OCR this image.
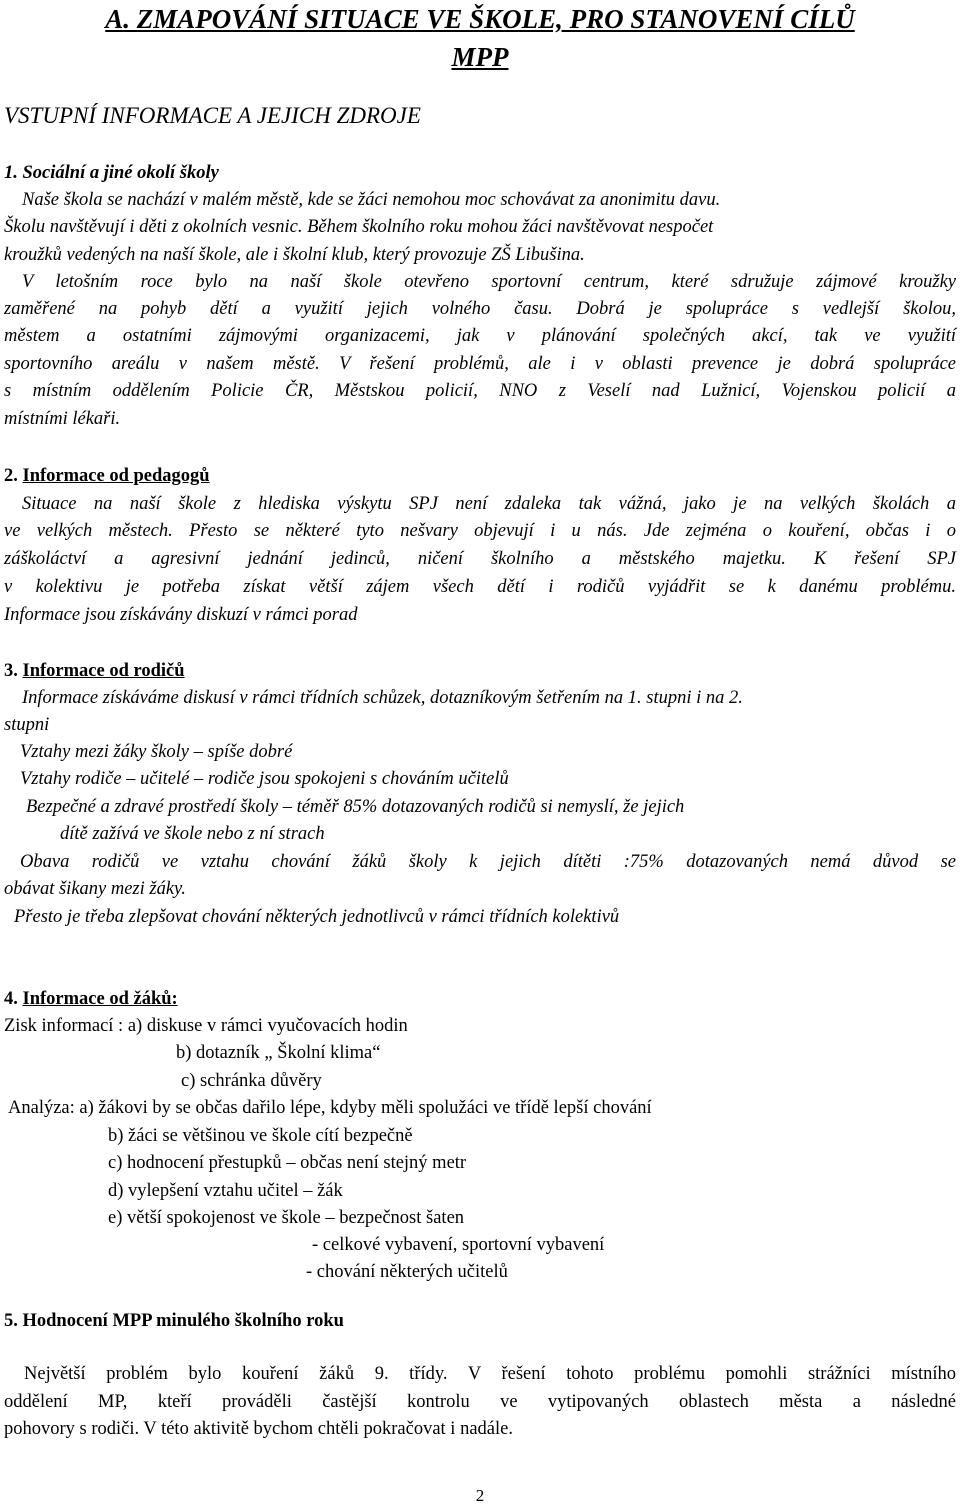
A. ZMAPOVÁNÍ SITUACE VE ŠKOLE, PRO STANOVENÍ CÍLŮ
MPP
VSTUPNÍ INFORMACE A JEJICH ZDROJE
1. Sociální a jiné okolí školy
Naše škola se nachází v malém městě, kde se žáci nemohou moc schovávat za anonimitu davu.
Školu navštěvují i děti z okolních vesnic. Během školního roku mohou žáci navštěvovat nespočet
kroužků vedených na naší škole, ale i školní klub, který provozuje ZŠ Libušina.
V letošním roce bylo na naší škole otevřeno sportovní centrum, které sdružuje zájmové kroužky
zaměřené na pohyb dětí a využití jejich volného času. Dobrá je spolupráce s vedlejší školou,
městem a ostatními zájmovými organizacemi, jak v plánování společných akcí, tak ve využití
sportovního areálu v našem městě. V řešení problémů, ale i v oblasti prevence je dobrá spolupráce
s místním oddělením Policie ČR, Městskou policií, NNO z Veselí nad Lužnicí, Vojenskou policií a
místními lékaři.
2. Informace od pedagogů
Situace na naší škole z hlediska výskytu SPJ není zdaleka tak vážná, jako je na velkých školách a
ve velkých městech. Přesto se některé tyto nešvary objevují i u nás. Jde zejména o kouření, občas i o
záškoláctví a agresivní jednání jedinců, ničení školního a městského majetku. K řešení SPJ
v kolektivu je potřeba získat větší zájem všech dětí i rodičů vyjádřit se k danému problému.
Informace jsou získávány diskuzí v rámci porad
3. Informace od rodičů
Informace získáváme diskusí v rámci třídních schůzek, dotazníkovým šetřením na 1. stupni i na 2.
stupni
Vztahy mezi žáky školy – spíše dobré
Vztahy rodiče – učitelé – rodiče jsou spokojeni s chováním učitelů
Bezpečné a zdravé prostředí školy – téměř 85% dotazovaných rodičů si nemyslí, že jejich
dítě zažívá ve škole nebo z ní strach
Obava rodičů ve vztahu chování žáků školy k jejich dítěti :75% dotazovaných nemá důvod se
obávat šikany mezi žáky.
Přesto je třeba zlepšovat chování některých jednotlivců v rámci třídních kolektivů
4. Informace od žáků:
Zisk informací : a) diskuse v rámci vyučovacích hodin
b) dotazník „ Školní klima“
c) schránka důvěry
Analýza: a) žákovi by se občas dařilo lépe, kdyby měli spolužáci ve třídě lepší chování
b) žáci se většinou ve škole cítí bezpečně
c) hodnocení přestupků – občas není stejný metr
d) vylepšení vztahu učitel – žák
e) větší spokojenost ve škole – bezpečnost šaten
- celkové vybavení, sportovní vybavení
- chování některých učitelů
5. Hodnocení MPP minulého školního roku
Největší problém bylo kouření žáků 9. třídy. V řešení tohoto problému pomohli strážníci místního
oddělení MP, kteří prováděli častější kontrolu ve vytipovaných oblastech města a následné
pohovory s rodiči. V této aktivitě bychom chtěli pokračovat i nadále.
2
